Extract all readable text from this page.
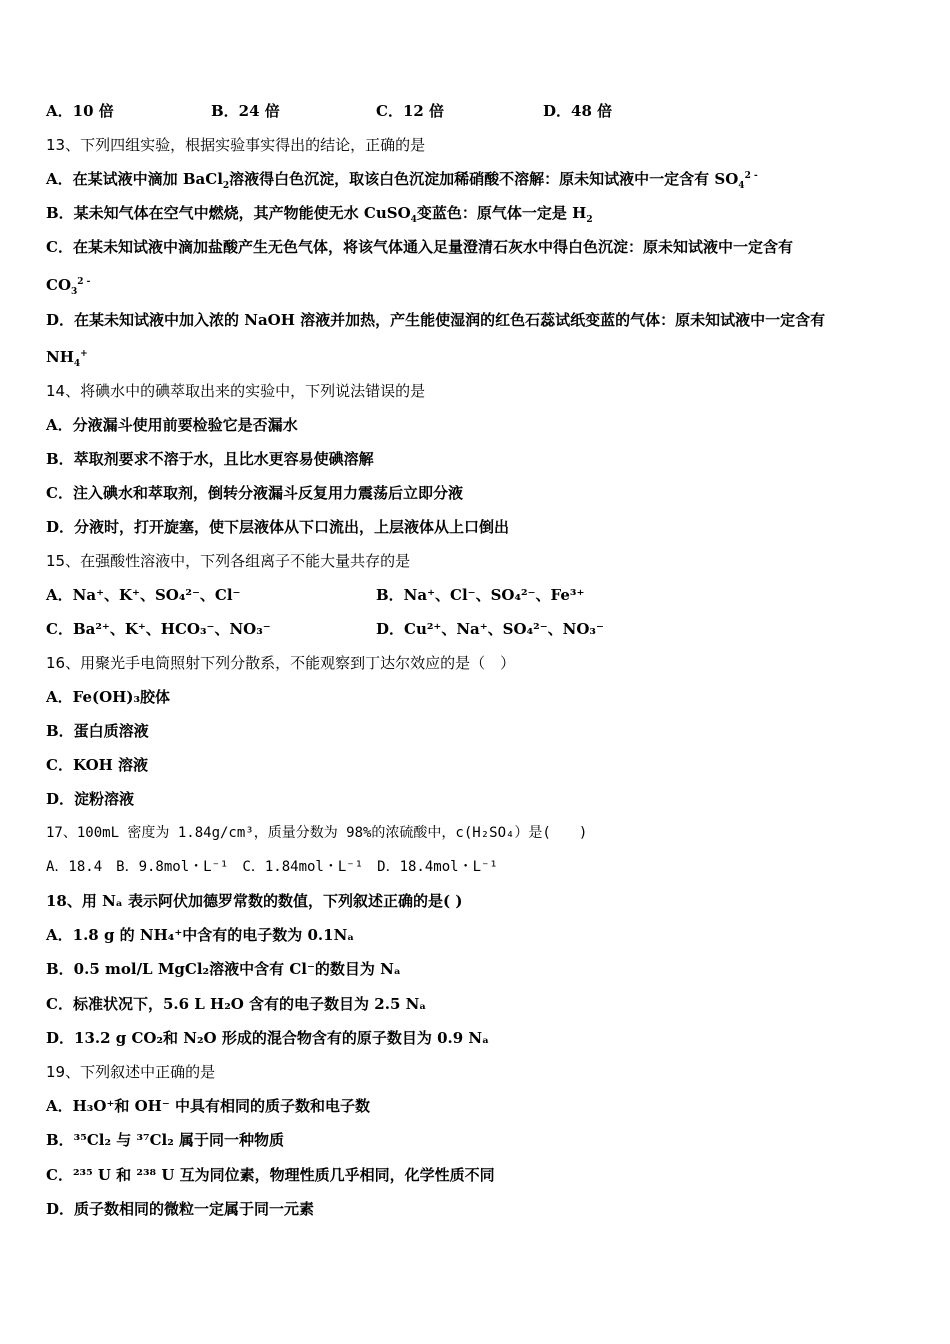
A．10 倍	B．24 倍	C．12 倍	D．48 倍
13、下列四组实验，根据实验事实得出的结论，正确的是
A．在某试液中滴加 BaCl$_2$溶液得白色沉淀，取该白色沉淀加稀硝酸不溶解：原未知试液中一定含有 $SO_4^{2 -}$
B．某未知气体在空气中燃烧，其产物能使无水 CuSO$_4$变蓝色：原气体一定是 $H_2$
C．在某未知试液中滴加盐酸产生无色气体，将该气体通入足量澄清石灰水中得白色沉淀：原未知试液中一定含有
$CO_3^{2 -}$
D．在某未知试液中加入浓的 NaOH 溶液并加热，产生能使湿润的红色石蕊试纸变蓝的气体：原未知试液中一定含有
$NH_4^+$
14、将碘水中的碘萃取出来的实验中，下列说法错误的是
A．分液漏斗使用前要检验它是否漏水
B．萃取剂要求不溶于水，且比水更容易使碘溶解
C．注入碘水和萃取剂，倒转分液漏斗反复用力震荡后立即分液
D．分液时，打开旋塞，使下层液体从下口流出，上层液体从上口倒出
15、在强酸性溶液中，下列各组离子不能大量共存的是
A．Na⁺、K⁺、SO₄²⁻、Cl⁻	B．Na⁺、Cl⁻、SO₄²⁻、Fe³⁺
C．Ba²⁺、K⁺、HCO₃⁻、NO₃⁻	D．Cu²⁺、Na⁺、SO₄²⁻、NO₃⁻
16、用聚光手电筒照射下列分散系，不能观察到丁达尔效应的是（　）
A．Fe(OH)₃胶体
B．蛋白质溶液
C．KOH 溶液
D．淀粉溶液
17、100mL 密度为 1.84g/cm³，质量分数为 98%的浓硫酸中，c(H₂SO₄）是(　　)
A．18.4　B．9.8mol・L⁻¹　C．1.84mol・L⁻¹　D．18.4mol・L⁻¹
18、用 Nₐ 表示阿伏加德罗常数的数值，下列叙述正确的是( )
A．1.8 g 的 NH₄⁺中含有的电子数为 0.1Nₐ
B．0.5 mol/L MgCl₂溶液中含有 Cl⁻的数目为 Nₐ
C．标准状况下，5.6 L H₂O 含有的电子数目为 2.5 Nₐ
D．13.2 g CO₂和 N₂O 形成的混合物含有的原子数目为 0.9 Nₐ
19、下列叙述中正确的是
A．H₃O⁺和 OH⁻ 中具有相同的质子数和电子数
B．³⁵Cl₂ 与 ³⁷Cl₂ 属于同一种物质
C．²³⁵ U 和 ²³⁸ U 互为同位素，物理性质几乎相同，化学性质不同
D．质子数相同的微粒一定属于同一元素
